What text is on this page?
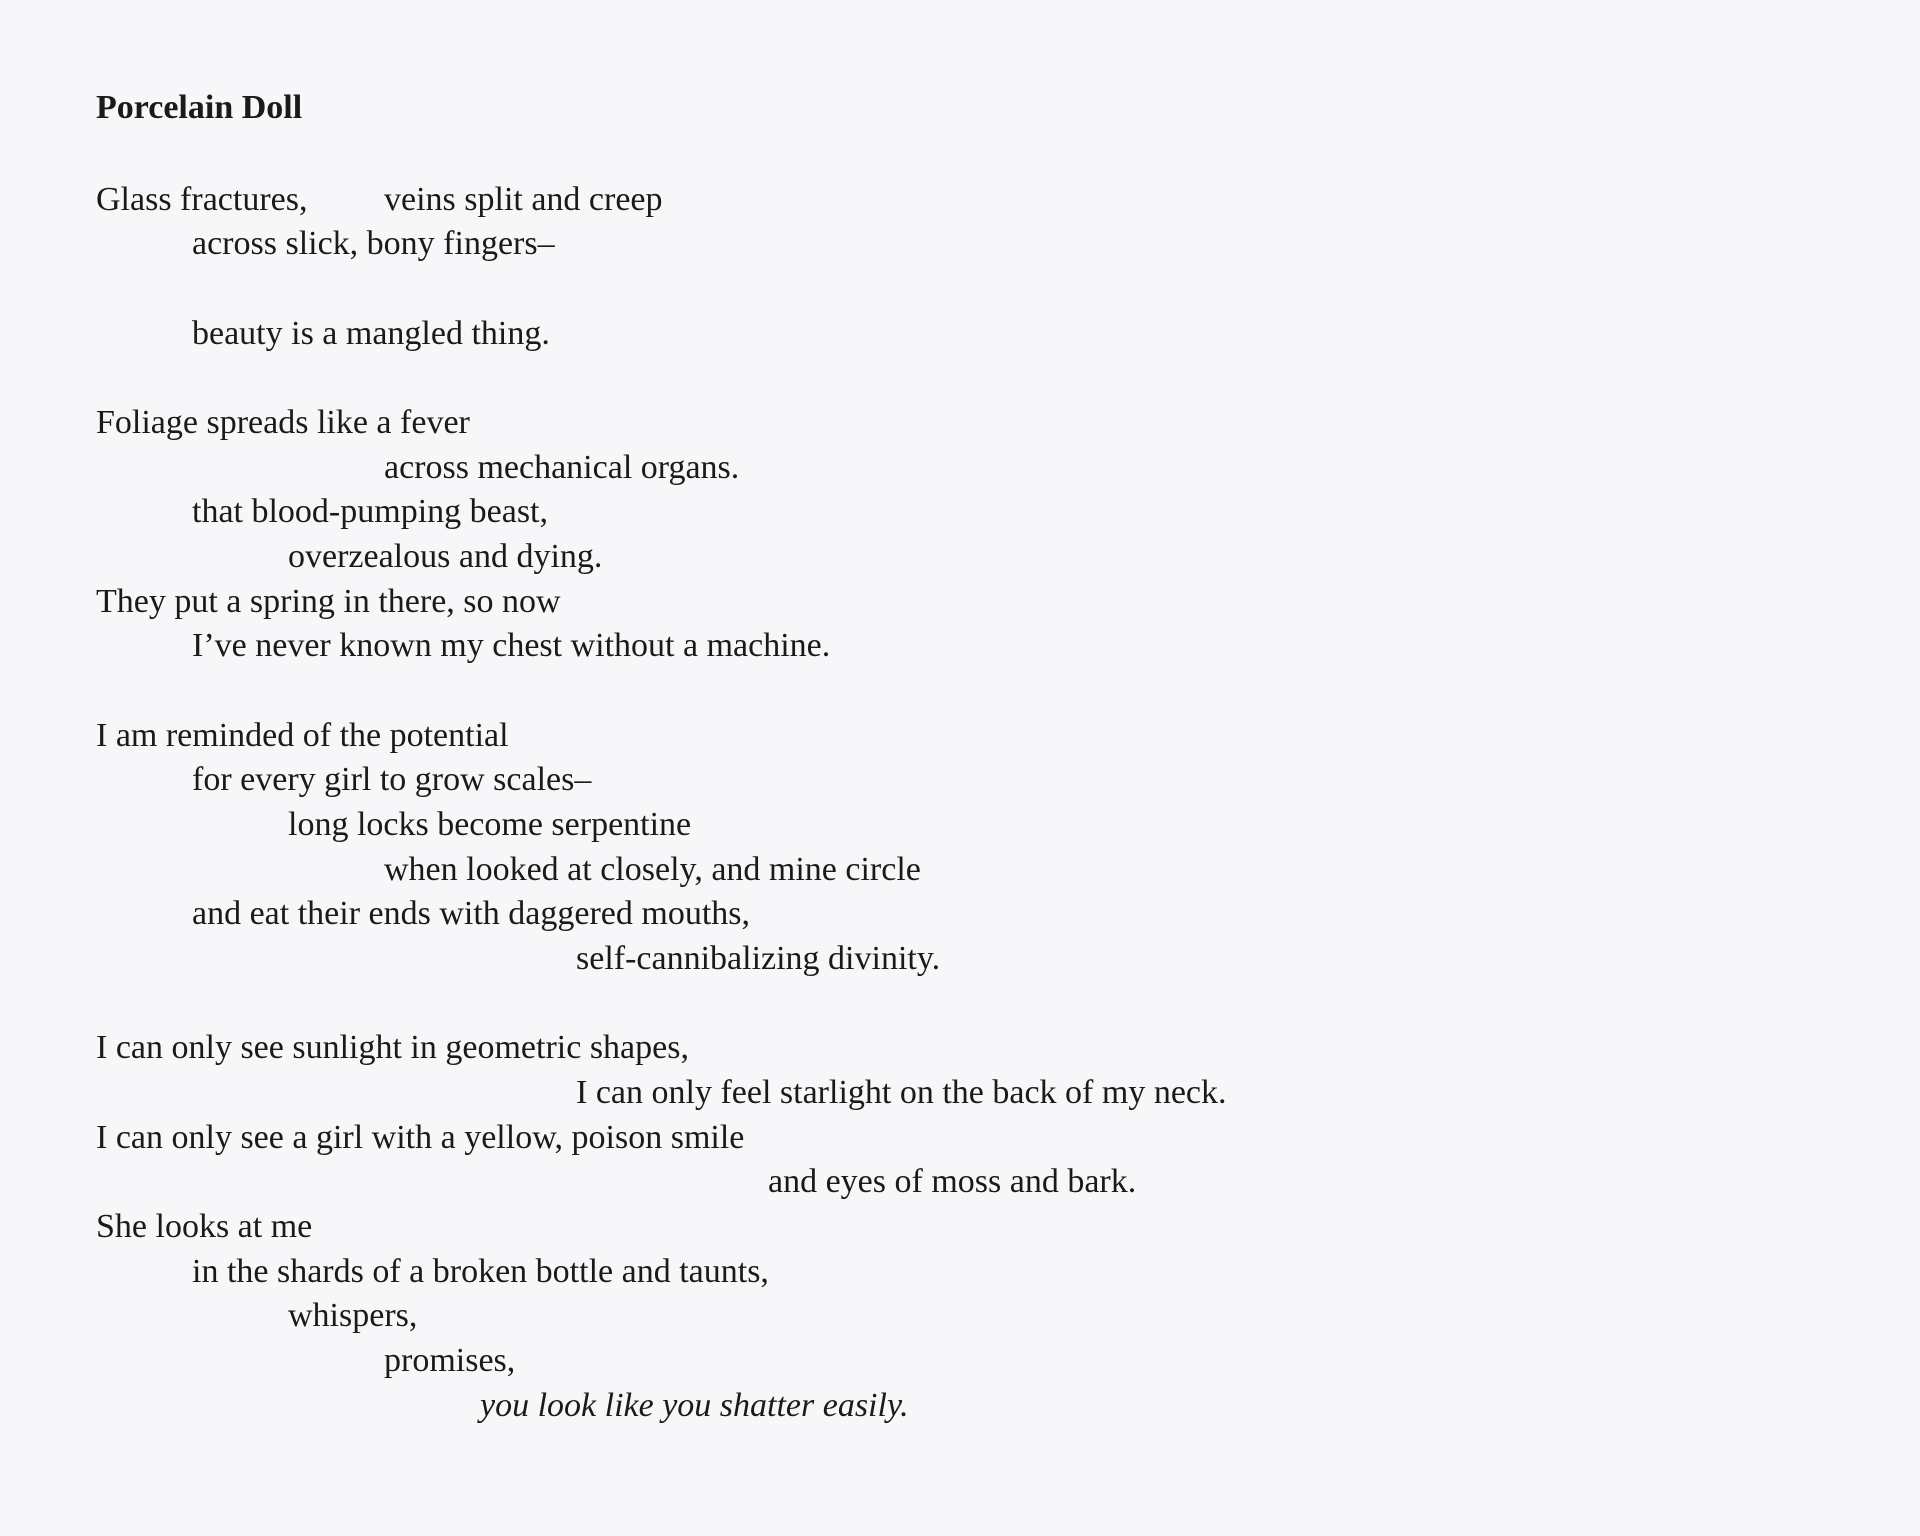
Porcelain Doll
Glass fractures, veins split and creep
across slick, bony fingers–
beauty is a mangled thing.
Foliage spreads like a fever
across mechanical organs.
that blood-pumping beast,
overzealous and dying.
They put a spring in there, so now
I’ve never known my chest without a machine.
I am reminded of the potential
for every girl to grow scales–
long locks become serpentine
when looked at closely, and mine circle
and eat their ends with daggered mouths,
self-cannibalizing divinity.
I can only see sunlight in geometric shapes,
I can only feel starlight on the back of my neck.
I can only see a girl with a yellow, poison smile
and eyes of moss and bark.
She looks at me
in the shards of a broken bottle and taunts,
whispers,
promises,
you look like you shatter easily.
